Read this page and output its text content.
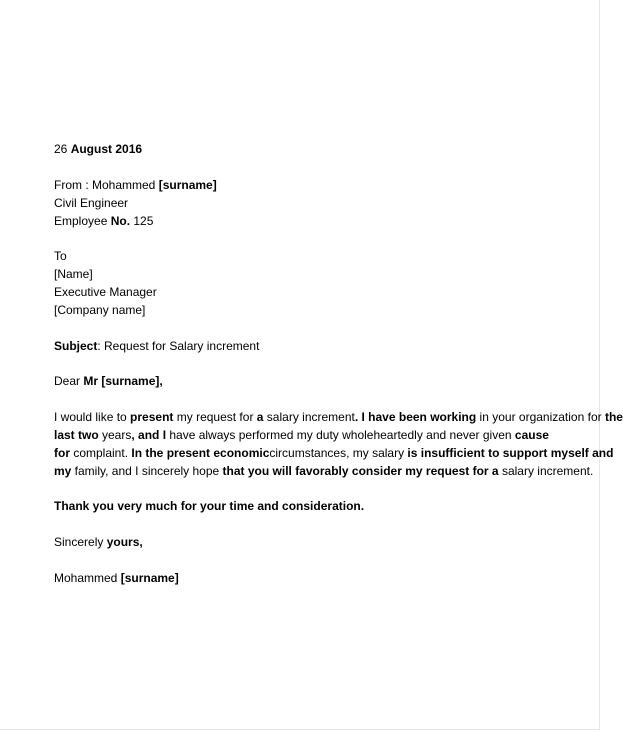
26 August 2016
From : Mohammed [surname]
Civil Engineer
Employee No. 125
To
[Name]
Executive Manager
[Company name]
Subject: Request for Salary increment
Dear Mr [surname],
I would like to present my request for a salary increment. I have been working in your organization for the
last two years, and I have always performed my duty wholeheartedly and never given cause
for complaint. In the present economiccircumstances, my salary is insufficient to support myself and
my family, and I sincerely hope that you will favorably consider my request for a salary increment.
Thank you very much for your time and consideration.
Sincerely yours,
Mohammed [surname]
